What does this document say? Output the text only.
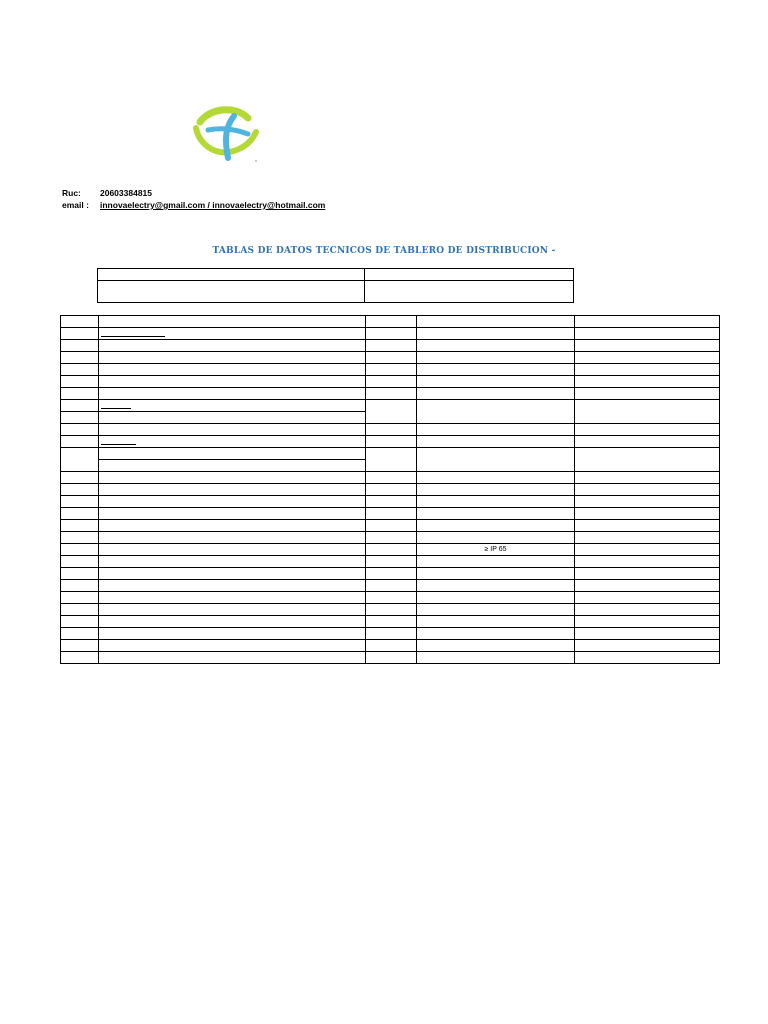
Ruc:	20603384815
email :	innovaelectry@gmail.com / innovaelectry@hotmail.com
TABLAS DE DATOS TECNICOS DE TABLERO DE DISTRIBUCION -

			≥ IP 65	
